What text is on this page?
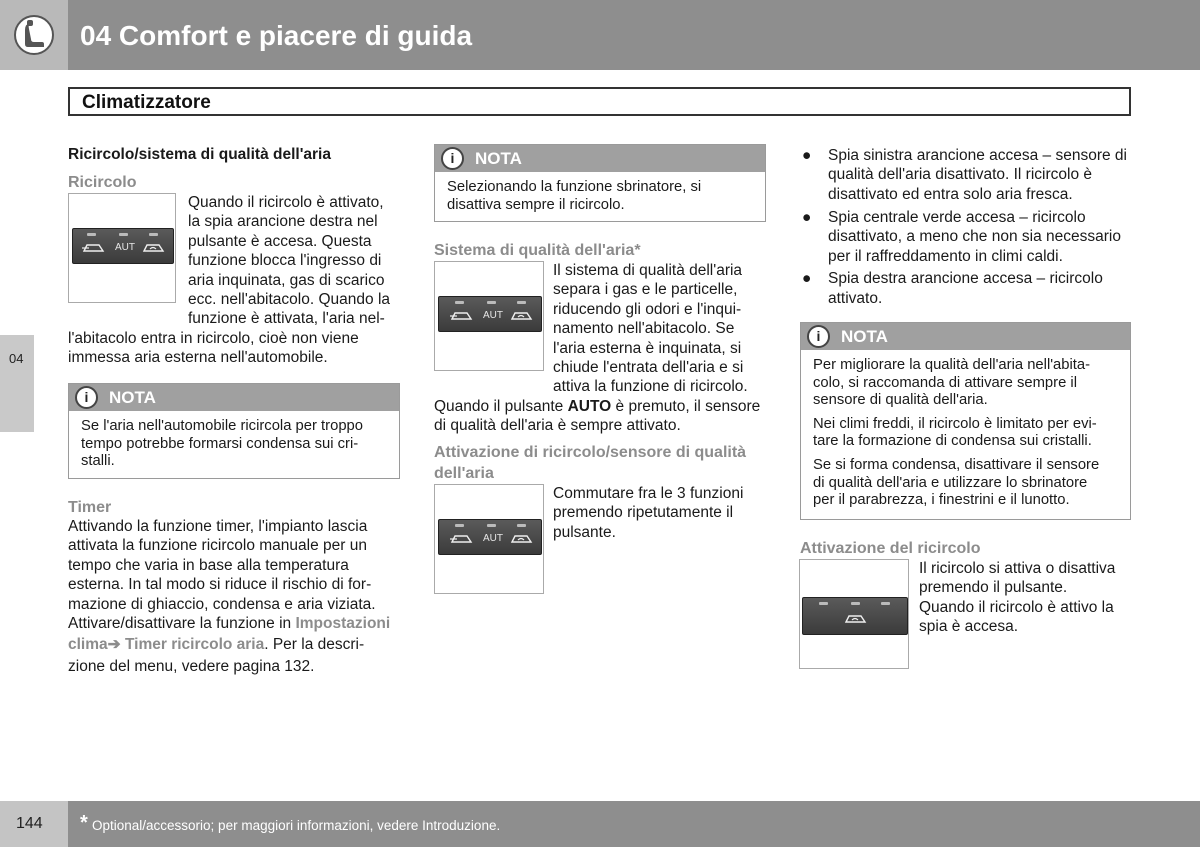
04 Comfort e piacere di guida
Climatizzatore
04
Ricircolo/sistema di qualità dell'aria
Ricircolo
AUT
Quando il ricircolo è attivato,
la spia arancione destra nel
pulsante è accesa. Questa
funzione blocca l'ingresso di
aria inquinata, gas di scarico
ecc. nell'abitacolo. Quando la
funzione è attivata, l'aria nel-
l'abitacolo entra in ricircolo, cioè non viene
immessa aria esterna nell'automobile.
i	NOTA
Se l'aria nell'automobile ricircola per troppo
tempo potrebbe formarsi condensa sui cri-
stalli.
Timer
Attivando la funzione timer, l'impianto lascia
attivata la funzione ricircolo manuale per un
tempo che varia in base alla temperatura
esterna. In tal modo si riduce il rischio di for-
mazione di ghiaccio, condensa e aria viziata.
Attivare/disattivare la funzione in Impostazioni
clima➔ Timer ricircolo aria. Per la descri-
zione del menu, vedere pagina 132.
i	NOTA
Selezionando la funzione sbrinatore, si
disattiva sempre il ricircolo.
Sistema di qualità dell'aria*
AUT
Il sistema di qualità dell'aria
separa i gas e le particelle,
riducendo gli odori e l'inqui-
namento nell'abitacolo. Se
l'aria esterna è inquinata, si
chiude l'entrata dell'aria e si
attiva la funzione di ricircolo.
Quando il pulsante AUTO è premuto, il sensore
di qualità dell'aria è sempre attivato.
Attivazione di ricircolo/sensore di qualità
dell'aria
AUT
Commutare fra le 3 funzioni
premendo ripetutamente il
pulsante.
● Spia sinistra arancione accesa – sensore di
qualità dell'aria disattivato. Il ricircolo è
disattivato ed entra solo aria fresca.
● Spia centrale verde accesa – ricircolo
disattivato, a meno che non sia necessario
per il raffreddamento in climi caldi.
● Spia destra arancione accesa – ricircolo
attivato.
i	NOTA
Per migliorare la qualità dell'aria nell'abita-
colo, si raccomanda di attivare sempre il
sensore di qualità dell'aria.
Nei climi freddi, il ricircolo è limitato per evi-
tare la formazione di condensa sui cristalli.
Se si forma condensa, disattivare il sensore
di qualità dell'aria e utilizzare lo sbrinatore
per il parabrezza, i finestrini e il lunotto.
Attivazione del ricircolo
Il ricircolo si attiva o disattiva
premendo il pulsante.
Quando il ricircolo è attivo la
spia è accesa.
144 * Optional/accessorio; per maggiori informazioni, vedere Introduzione.
